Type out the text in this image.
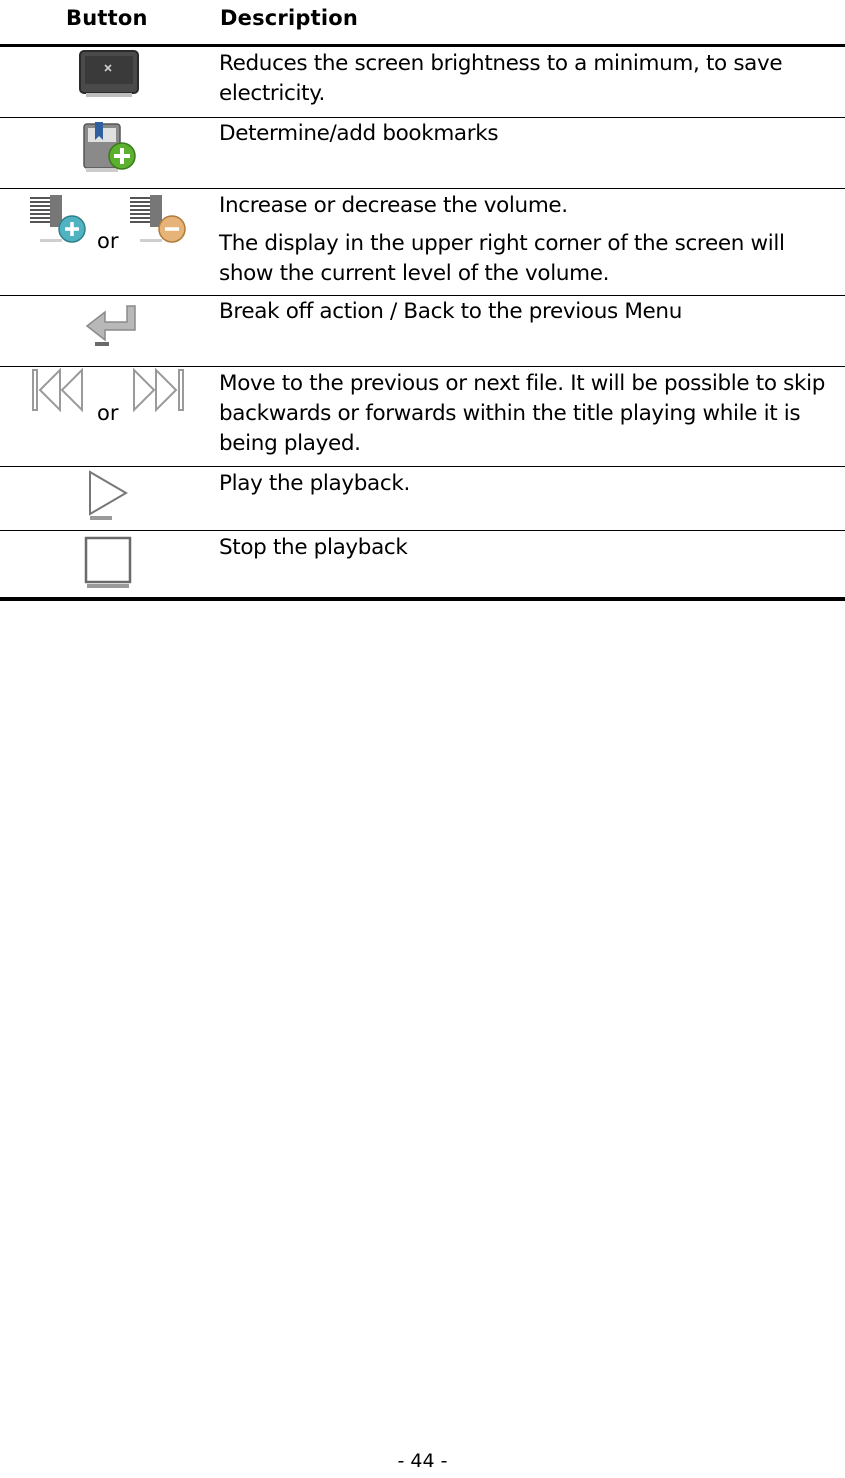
Button	Description

Reduces the screen brightness to a minimum, to save electricity.

Determine/add bookmarks

or

Increase or decrease the volume.

The display in the upper right corner of the screen will show the current level of the volume.

Break off action / Back to the previous Menu

or

Move to the previous or next file. It will be possible to skip backwards or forwards within the title playing while it is being played.

Play the playback.

Stop the playback

- 44 -
